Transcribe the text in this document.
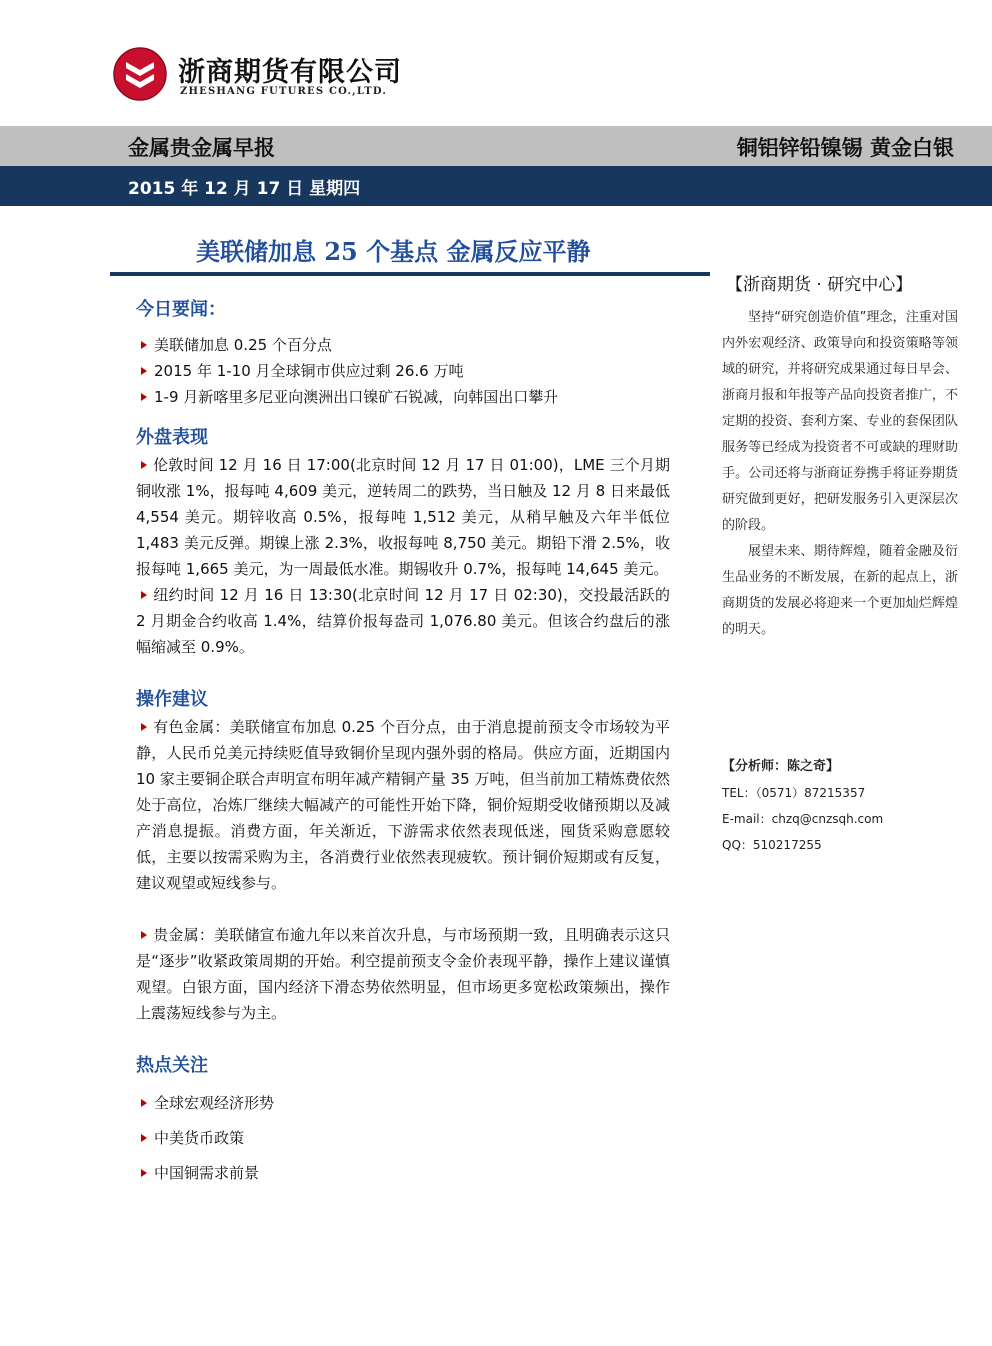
浙商期货有限公司
ZHESHANG FUTURES CO.,LTD.
金属贵金属早报	铜铝锌铅镍锡 黄金白银
2015 年 12 月 17 日 星期四
美联储加息 25 个基点 金属反应平静
今日要闻：

美联储加息 0.25 个百分点

2015 年 1-10 月全球铜市供应过剩 26.6 万吨

1-9 月新喀里多尼亚向澳洲出口镍矿石锐减，向韩国出口攀升

外盘表现

伦敦时间 12 月 16 日 17:00(北京时间 12 月 17 日 01:00)，LME 三个月期铜收涨 1%，报每吨 4,609 美元，逆转周二的跌势，当日触及 12 月 8 日来最低 4,554 美元。期锌收高 0.5%，报每吨 1,512 美元，从稍早触及六年半低位 1,483 美元反弹。期镍上涨 2.3%，收报每吨 8,750 美元。期铅下滑 2.5%，收报每吨 1,665 美元，为一周最低水准。期锡收升 0.7%，报每吨 14,645 美元。

纽约时间 12 月 16 日 13:30(北京时间 12 月 17 日 02:30)，交投最活跃的 2 月期金合约收高 1.4%，结算价报每盎司 1,076.80 美元。但该合约盘后的涨幅缩减至 0.9%。

操作建议

有色金属：美联储宣布加息 0.25 个百分点，由于消息提前预支令市场较为平静，人民币兑美元持续贬值导致铜价呈现内强外弱的格局。供应方面，近期国内 10 家主要铜企联合声明宣布明年减产精铜产量 35 万吨，但当前加工精炼费依然处于高位，冶炼厂继续大幅减产的可能性开始下降，铜价短期受收储预期以及减产消息提振。消费方面，年关渐近，下游需求依然表现低迷，囤货采购意愿较低，主要以按需采购为主，各消费行业依然表现疲软。预计铜价短期或有反复，建议观望或短线参与。

贵金属：美联储宣布逾九年以来首次升息，与市场预期一致，且明确表示这只是“逐步”收紧政策周期的开始。利空提前预支令金价表现平静，操作上建议谨慎观望。白银方面，国内经济下滑态势依然明显，但市场更多宽松政策频出，操作上震荡短线参与为主。

热点关注

全球宏观经济形势

中美货币政策

中国铜需求前景

【浙商期货 · 研究中心】

坚持“研究创造价值”理念，注重对国内外宏观经济、政策导向和投资策略等领域的研究，并将研究成果通过每日早会、浙商月报和年报等产品向投资者推广，不定期的投资、套利方案、专业的套保团队服务等已经成为投资者不可或缺的理财助手。公司还将与浙商证券携手将证券期货研究做到更好，把研发服务引入更深层次的阶段。

展望未来、期待辉煌，随着金融及衍生品业务的不断发展，在新的起点上，浙商期货的发展必将迎来一个更加灿烂辉煌的明天。

【分析师：陈之奇】

TEL：（0571）87215357

E-mail：chzq@cnzsqh.com

QQ：510217255
